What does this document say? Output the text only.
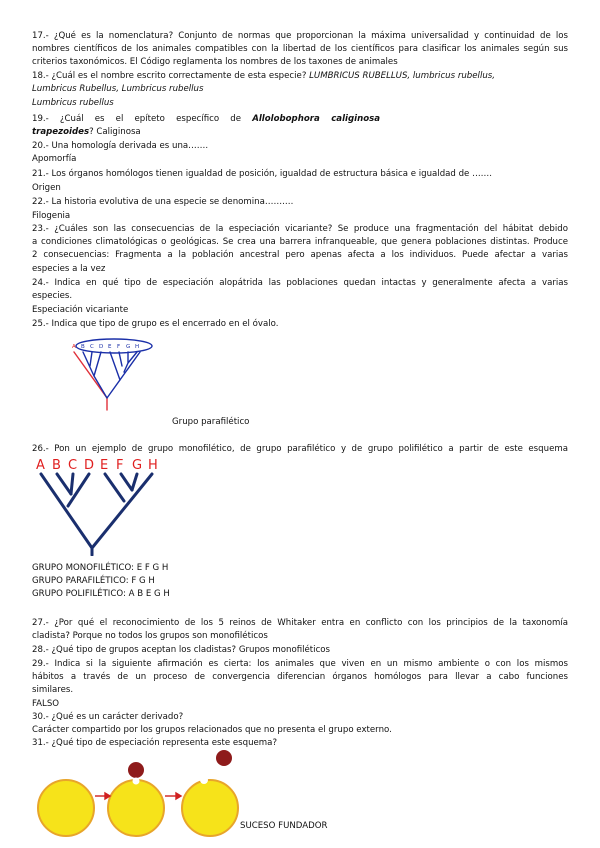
17.- ¿Qué es la nomenclatura? Conjunto de normas que proporcionan la máxima universalidad y continuidad de los
nombres científicos de los animales compatibles con la libertad de los científicos para clasificar los animales según sus
criterios taxonómicos. El Código reglamenta los nombres de los taxones de animales
18.- ¿Cuál es el nombre escrito correctamente de esta especie? LUMBRICUS RUBELLUS, lumbricus rubellus,
Lumbricus Rubellus, Lumbricus rubellus
Lumbricus rubellus
19.- ¿Cuál es el epíteto específico de Allolobophora caliginosa
trapezoides? Caliginosa
20.- Una homología derivada es una…….
Apomorfía
21.- Los órganos homólogos tienen igualdad de posición, igualdad de estructura básica e igualdad de …….
Origen
22.- La historia evolutiva de una especie se denomina……….
Filogenia
23.- ¿Cuáles son las consecuencias de la especiación vicariante? Se produce una fragmentación del hábitat debido
a condiciones climatológicas o geológicas. Se crea una barrera infranqueable, que genera poblaciones distintas. Produce
2 consecuencias: Fragmenta a la población ancestral pero apenas afecta a los individuos. Puede afectar a varias
especies a la vez
24.- Indica en qué tipo de especiación alopátrida las poblaciones quedan intactas y generalmente afecta a varias
especies.
Especiación vicariante
25.- Indica que tipo de grupo es el encerrado en el óvalo.
A B C D E F G H
Grupo parafilético
26.- Pon un ejemplo de grupo monofilético, de grupo parafilético y de grupo polifilético a partir de este esquema
A B C D E F G H
GRUPO MONOFILÉTICO: E F G H
GRUPO PARAFILÉTICO: F G H
GRUPO POLIFILÉTICO: A B E G H
27.- ¿Por qué el reconocimiento de los 5 reinos de Whitaker entra en conflicto con los principios de la taxonomía
cladista? Porque no todos los grupos son monofiléticos
28.- ¿Qué tipo de grupos aceptan los cladistas? Grupos monofiléticos
29.- Indica si la siguiente afirmación es cierta: los animales que viven en un mismo ambiente o con los mismos
hábitos a través de un proceso de convergencia diferencian órganos homólogos para llevar a cabo funciones
similares.
FALSO
30.- ¿Qué es un carácter derivado?
Carácter compartido por los grupos relacionados que no presenta el grupo externo.
31.- ¿Qué tipo de especiación representa este esquema?
SUCESO FUNDADOR
